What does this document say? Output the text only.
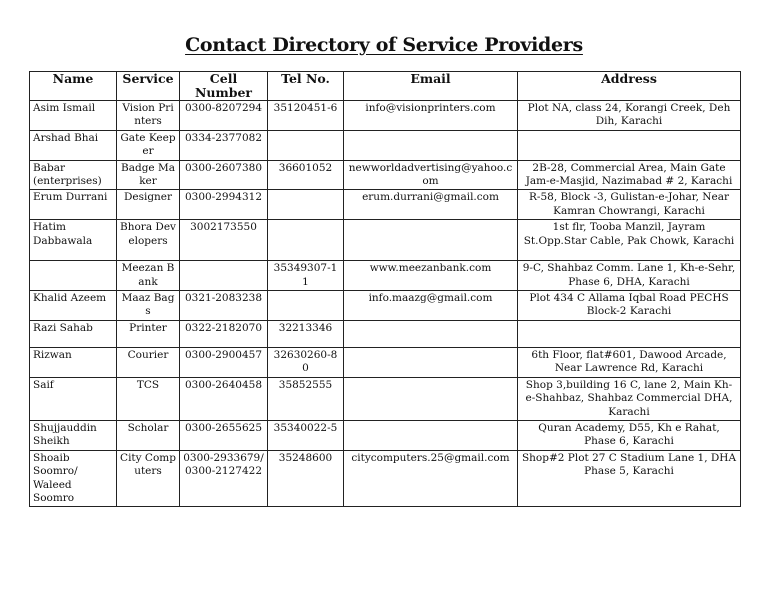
Contact Directory of Service Providers
Name	Service	Cell Number	Tel No.	Email	Address
Asim Ismail	Vision Printers	0300-8207294	35120451-6	info@visionprinters.com	Plot NA, class 24, Korangi Creek, Deh Dih, Karachi
Arshad Bhai	Gate Keeper	0334-2377082			
Babar (enterprises)	Badge Maker	0300-2607380	36601052	newworldadvertising@yahoo.com	2B-28, Commercial Area, Main Gate Jam-e-Masjid, Nazimabad # 2, Karachi
Erum Durrani	Designer	0300-2994312		erum.durrani@gmail.com	R-58, Block -3, Gulistan-e-Johar, Near Kamran Chowrangi, Karachi
Hatim Dabbawala	Bhora Developers	3002173550			1st flr, Tooba Manzil, Jayram St.Opp.Star Cable, Pak Chowk, Karachi
	Meezan Bank		35349307-11	www.meezanbank.com	9-C, Shahbaz Comm. Lane 1, Kh-e-Sehr, Phase 6, DHA, Karachi
Khalid Azeem	Maaz Bags	0321-2083238		info.maazg@gmail.com	Plot 434 C Allama Iqbal Road PECHS Block-2 Karachi
Razi Sahab	Printer	0322-2182070	32213346		
Rizwan	Courier	0300-2900457	32630260-80		6th Floor, flat#601, Dawood Arcade, Near Lawrence Rd, Karachi
Saif	TCS	0300-2640458	35852555		Shop 3,building 16 C, lane 2, Main Kh-e-Shahbaz, Shahbaz Commercial DHA, Karachi
Shujjauddin Sheikh	Scholar	0300-2655625	35340022-5		Quran Academy, D55, Kh e Rahat, Phase 6, Karachi
Shoaib Soomro/ Waleed Soomro	City Computers	0300-2933679/ 0300-2127422	35248600	citycomputers.25@gmail.com	Shop#2 Plot 27 C Stadium Lane 1, DHA Phase 5, Karachi
